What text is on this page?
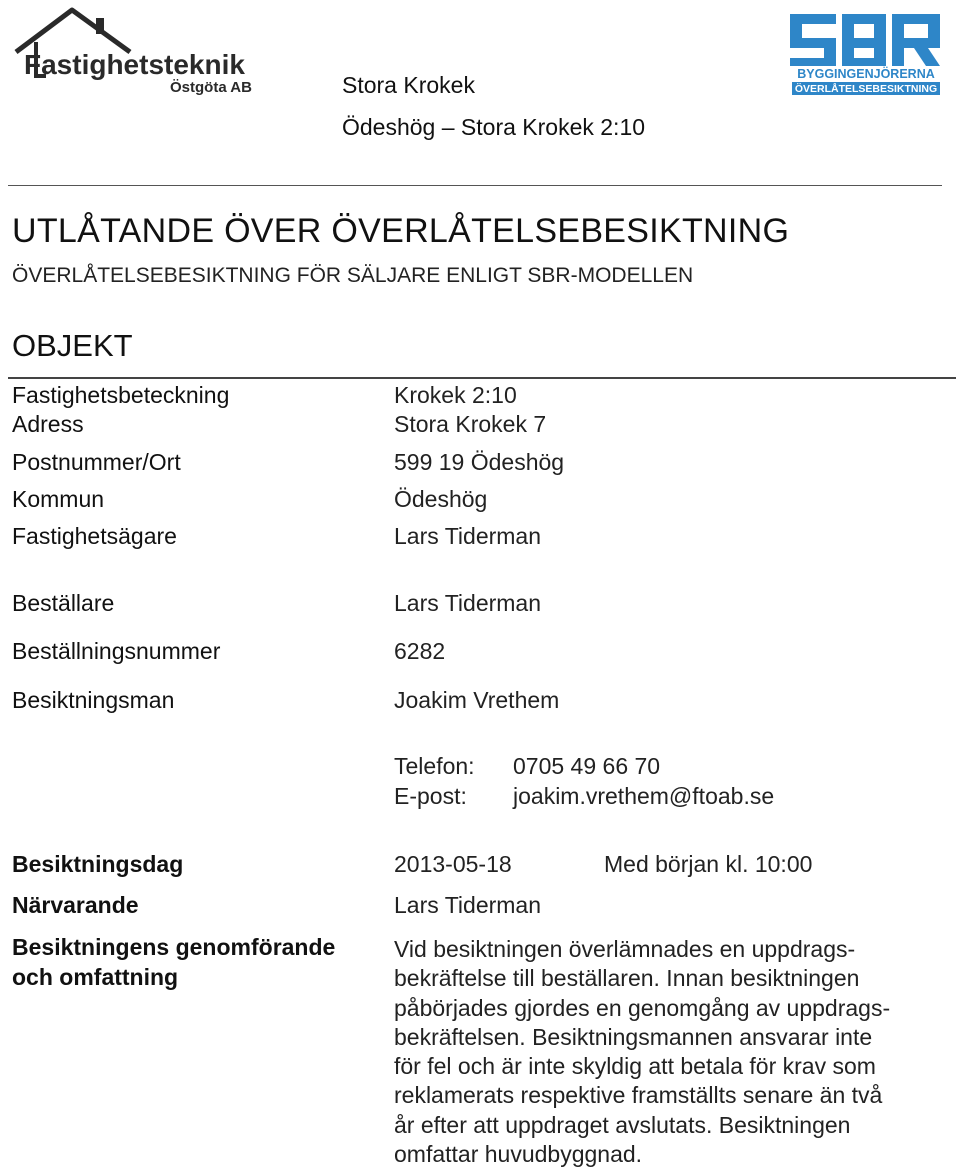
Fastighetsteknik
Östgöta AB
BYGGINGENJÖRERNA
ÖVERLÅTELSEBESIKTNING
Stora Krokek
Ödeshög – Stora Krokek 2:10
UTLÅTANDE ÖVER ÖVERLÅTELSEBESIKTNING
ÖVERLÅTELSEBESIKTNING FÖR SÄLJARE ENLIGT SBR-MODELLEN
OBJEKT
Fastighetsbeteckning	Krokek 2:10
Adress	Stora Krokek 7
Postnummer/Ort	599 19 Ödeshög
Kommun	Ödeshög
Fastighetsägare	Lars Tiderman
Beställare	Lars Tiderman
Beställningsnummer	6282
Besiktningsman	Joakim Vrethem
Telefon: 0705 49 66 70
E-post: joakim.vrethem@ftoab.se
Besiktningsdag	2013-05-18	Med början kl. 10:00
Närvarande	Lars Tiderman
Besiktningens genomförande
och omfattning
Vid besiktningen överlämnades en uppdrags-
bekräftelse till beställaren. Innan besiktningen
påbörjades gjordes en genomgång av uppdrags-
bekräftelsen. Besiktningsmannen ansvarar inte
för fel och är inte skyldig att betala för krav som
reklamerats respektive framställts senare än två
år efter att uppdraget avslutats. Besiktningen
omfattar huvudbyggnad.
